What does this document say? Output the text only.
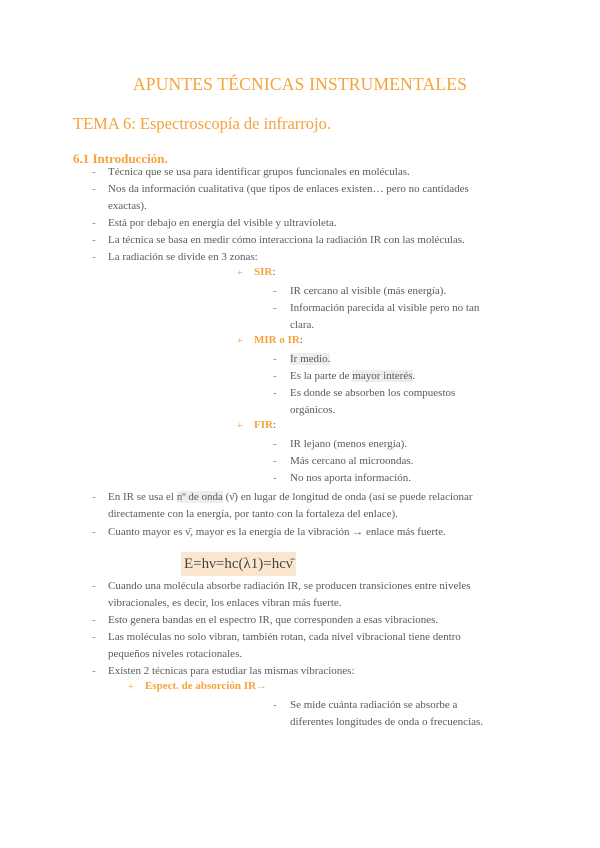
APUNTES TÉCNICAS INSTRUMENTALES
TEMA 6: Espectroscopía de infrarrojo.
6.1 Introducción.
- Técnica que se usa para identificar grupos funcionales en moléculas.
- Nos da información cualitativa (que tipos de enlaces existen… pero no cantidades
exactas).
- Está por debajo en energía del visible y ultravioleta.
- La técnica se basa en medir cómo interacciona la radiación IR con las moléculas.
- La radiación se divide en 3 zonas:
+ SIR:
- IR cercano al visible (más energía).
- Información parecida al visible pero no tan
clara.
+ MIR o IR:
- Ir medio.
- Es la parte de mayor interés.
- Es donde se absorben los compuestos
orgánicos.
+ FIR:
- IR lejano (menos energía).
- Más cercano al microondas.
- No nos aporta información.
- En IR se usa el nº de onda (ν̄) en lugar de longitud de onda (así se puede relacionar
directamente con la energía, por tanto con la fortaleza del enlace).
- Cuanto mayor es ν̄, mayor es la energía de la vibración → enlace más fuerte.
E=hν=hc(λ1)=hcν̄
- Cuando una molécula absorbe radiación IR, se producen transiciones entre niveles
vibracionales, es decir, los enlaces vibran más fuerte.
- Esto genera bandas en el espectro IR, que corresponden a esas vibraciones.
- Las moléculas no solo vibran, también rotan, cada nivel vibracional tiene dentro
pequeños niveles rotacionales.
- Existen 2 técnicas para estudiar las mismas vibraciones:
+ Espect. de absorción IR→
- Se mide cuánta radiación se absorbe a
diferentes longitudes de onda o frecuencias.
